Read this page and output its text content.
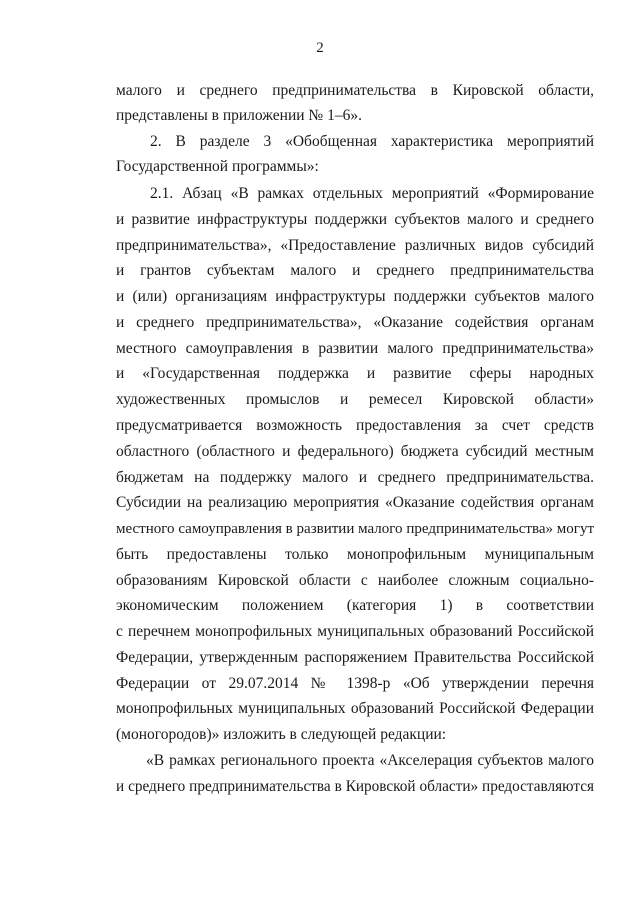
2
малого и среднего предпринимательства в Кировской области,
представлены в приложении № 1–6».
2. В разделе 3 «Обобщенная характеристика мероприятий
Государственной программы»:
2.1. Абзац «В рамках отдельных мероприятий «Формирование
и развитие инфраструктуры поддержки субъектов малого и среднего
предпринимательства», «Предоставление различных видов субсидий
и грантов субъектам малого и среднего предпринимательства
и (или) организациям инфраструктуры поддержки субъектов малого
и среднего предпринимательства», «Оказание содействия органам
местного самоуправления в развитии малого предпринимательства»
и «Государственная поддержка и развитие сферы народных
художественных промыслов и ремесел Кировской области»
предусматривается возможность предоставления за счет средств
областного (областного и федерального) бюджета субсидий местным
бюджетам на поддержку малого и среднего предпринимательства.
Субсидии на реализацию мероприятия «Оказание содействия органам
местного самоуправления в развитии малого предпринимательства» могут
быть предоставлены только монопрофильным муниципальным
образованиям Кировской области с наиболее сложным социально-
экономическим положением (категория 1) в соответствии
с перечнем монопрофильных муниципальных образований Российской
Федерации, утвержденным распоряжением Правительства Российской
Федерации от 29.07.2014 № 1398-р «Об утверждении перечня
монопрофильных муниципальных образований Российской Федерации
(моногородов)» изложить в следующей редакции:
«В рамках регионального проекта «Акселерация субъектов малого
и среднего предпринимательства в Кировской области» предоставляются
